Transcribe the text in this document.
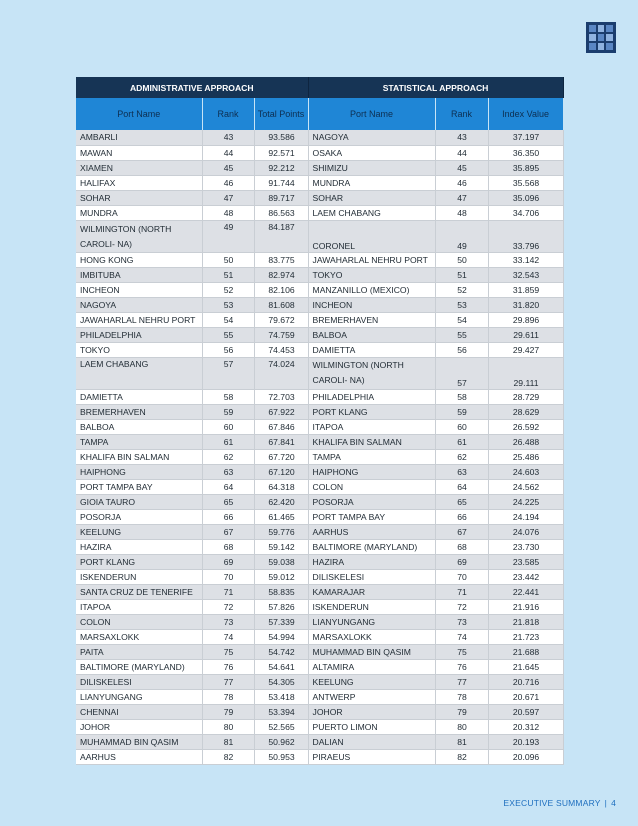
ADMINISTRATIVE APPROACH			STATISTICAL APPROACH		
Port Name	Rank	Total Points	Port Name	Rank	Index Value
AMBARLI	43	93.586	NAGOYA	43	37.197
MAWAN	44	92.571	OSAKA	44	36.350
XIAMEN	45	92.212	SHIMIZU	45	35.895
HALIFAX	46	91.744	MUNDRA	46	35.568
SOHAR	47	89.717	SOHAR	47	35.096
MUNDRA	48	86.563	LAEM CHABANG	48	34.706
WILMINGTON (NORTH CAROLI- NA)	49	84.187	CORONEL	49	33.796
HONG KONG	50	83.775	JAWAHARLAL NEHRU PORT	50	33.142
IMBITUBA	51	82.974	TOKYO	51	32.543
INCHEON	52	82.106	MANZANILLO (MEXICO)	52	31.859
NAGOYA	53	81.608	INCHEON	53	31.820
JAWAHARLAL NEHRU PORT	54	79.672	BREMERHAVEN	54	29.896
PHILADELPHIA	55	74.759	BALBOA	55	29.611
TOKYO	56	74.453	DAMIETTA	56	29.427
LAEM CHABANG	57	74.024	WILMINGTON (NORTH CAROLI- NA)	57	29.111
DAMIETTA	58	72.703	PHILADELPHIA	58	28.729
BREMERHAVEN	59	67.922	PORT KLANG	59	28.629
BALBOA	60	67.846	ITAPOA	60	26.592
TAMPA	61	67.841	KHALIFA BIN SALMAN	61	26.488
KHALIFA BIN SALMAN	62	67.720	TAMPA	62	25.486
HAIPHONG	63	67.120	HAIPHONG	63	24.603
PORT TAMPA BAY	64	64.318	COLON	64	24.562
GIOIA TAURO	65	62.420	POSORJA	65	24.225
POSORJA	66	61.465	PORT TAMPA BAY	66	24.194
KEELUNG	67	59.776	AARHUS	67	24.076
HAZIRA	68	59.142	BALTIMORE (MARYLAND)	68	23.730
PORT KLANG	69	59.038	HAZIRA	69	23.585
ISKENDERUN	70	59.012	DILISKELESI	70	23.442
SANTA CRUZ DE TENERIFE	71	58.835	KAMARAJAR	71	22.441
ITAPOA	72	57.826	ISKENDERUN	72	21.916
COLON	73	57.339	LIANYUNGANG	73	21.818
MARSAXLOKK	74	54.994	MARSAXLOKK	74	21.723
PAITA	75	54.742	MUHAMMAD BIN QASIM	75	21.688
BALTIMORE (MARYLAND)	76	54.641	ALTAMIRA	76	21.645
DILISKELESI	77	54.305	KEELUNG	77	20.716
LIANYUNGANG	78	53.418	ANTWERP	78	20.671
CHENNAI	79	53.394	JOHOR	79	20.597
JOHOR	80	52.565	PUERTO LIMON	80	20.312
MUHAMMAD BIN QASIM	81	50.962	DALIAN	81	20.193
AARHUS	82	50.953	PIRAEUS	82	20.096
EXECUTIVE SUMMARY | 4
